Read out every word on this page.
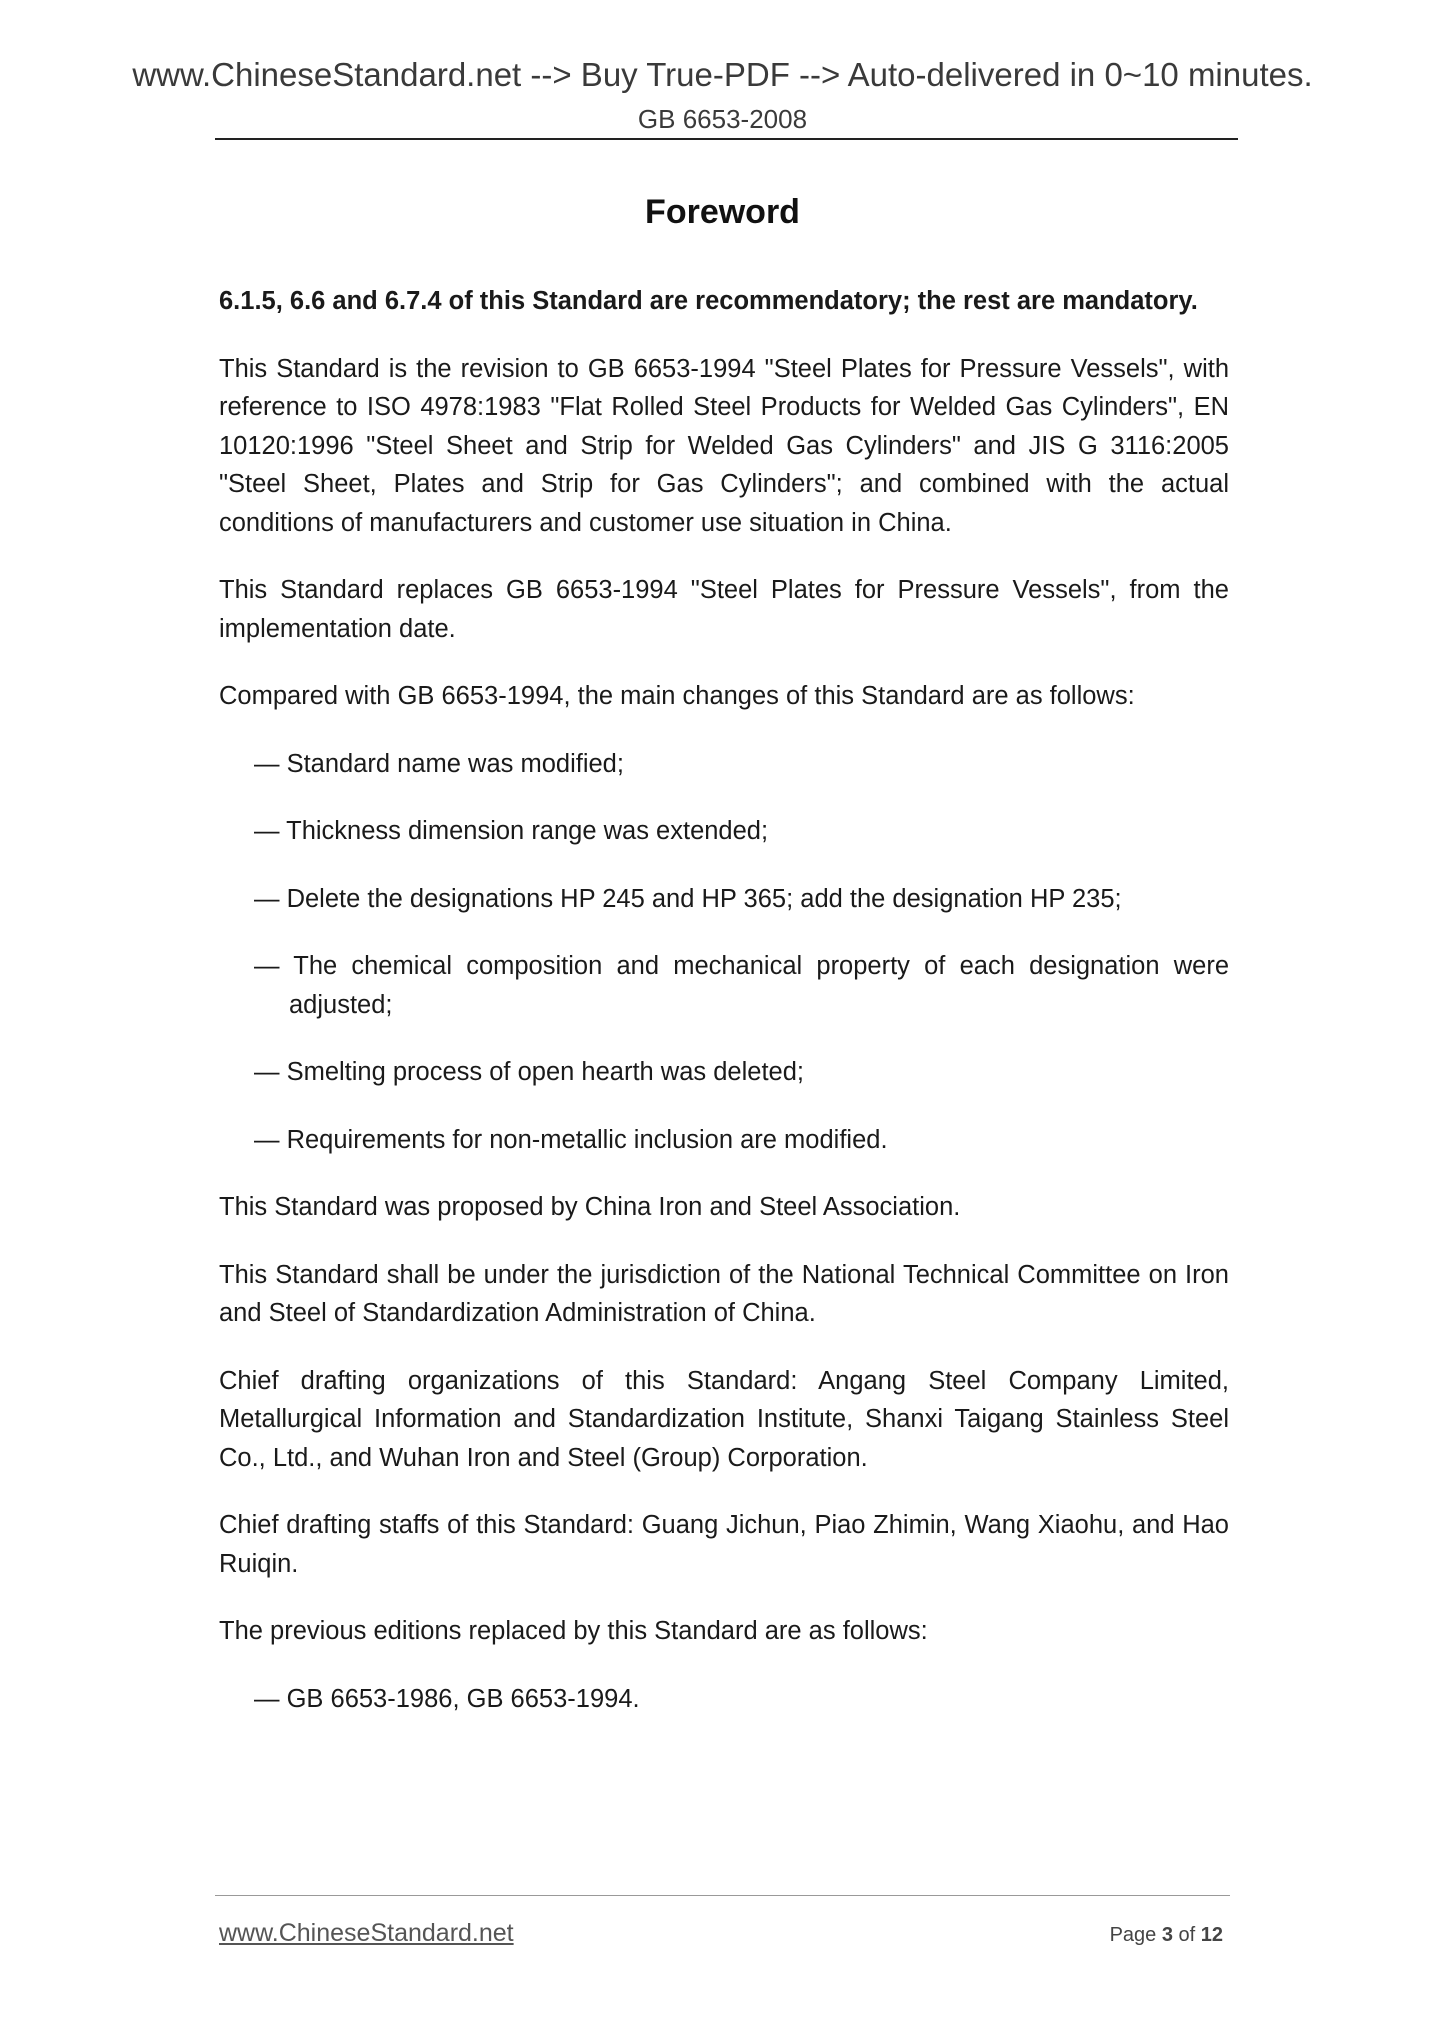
www.ChineseStandard.net --> Buy True-PDF --> Auto-delivered in 0~10 minutes.
GB 6653-2008
Foreword

6.1.5, 6.6 and 6.7.4 of this Standard are recommendatory; the rest are mandatory.

This Standard is the revision to GB 6653-1994 "Steel Plates for Pressure Vessels", with reference to ISO 4978:1983 "Flat Rolled Steel Products for Welded Gas Cylinders", EN 10120:1996 "Steel Sheet and Strip for Welded Gas Cylinders" and JIS G 3116:2005 "Steel Sheet, Plates and Strip for Gas Cylinders"; and combined with the actual conditions of manufacturers and customer use situation in China.

This Standard replaces GB 6653-1994 "Steel Plates for Pressure Vessels", from the implementation date.

Compared with GB 6653-1994, the main changes of this Standard are as follows:

— Standard name was modified;
— Thickness dimension range was extended;
— Delete the designations HP 245 and HP 365; add the designation HP 235;
— The chemical composition and mechanical property of each designation were adjusted;
— Smelting process of open hearth was deleted;
— Requirements for non-metallic inclusion are modified.

This Standard was proposed by China Iron and Steel Association.

This Standard shall be under the jurisdiction of the National Technical Committee on Iron and Steel of Standardization Administration of China.

Chief drafting organizations of this Standard: Angang Steel Company Limited, Metallurgical Information and Standardization Institute, Shanxi Taigang Stainless Steel Co., Ltd., and Wuhan Iron and Steel (Group) Corporation.

Chief drafting staffs of this Standard: Guang Jichun, Piao Zhimin, Wang Xiaohu, and Hao Ruiqin.

The previous editions replaced by this Standard are as follows:

— GB 6653-1986, GB 6653-1994.
www.ChineseStandard.net	Page 3 of 12
